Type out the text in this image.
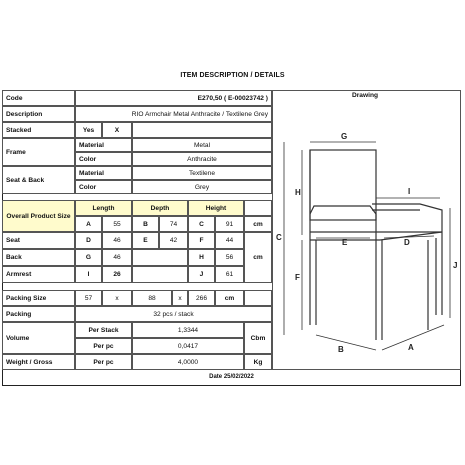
ITEM DESCRIPTION / DETAILS
Code	E270,50 ( E-00023742 )
Description	RIO Armchair Metal Anthracite / Textilene Grey
Stacked	Yes	X
Frame
Material	Metal
Color	Anthracite
Seat & Back
Material	Textilene
Color	Grey
Overall Product Size
Length	Depth	Height
A	55	B	74	C	91	cm
Seat	D	46	E	42	F	44
Back	G	46	H	56	cm
Armrest	I	26	J	61
Packing Size	57	x	88	x	266	cm
Packing	32 pcs / stack
Volume
Per Stack	1,3344
Per pc	0,0417
Cbm
Weight / Gross	Per pc	4,0000	Kg
Drawing
G
H
C
F
I
J
E	D
B	A
Date 25/02/2022
